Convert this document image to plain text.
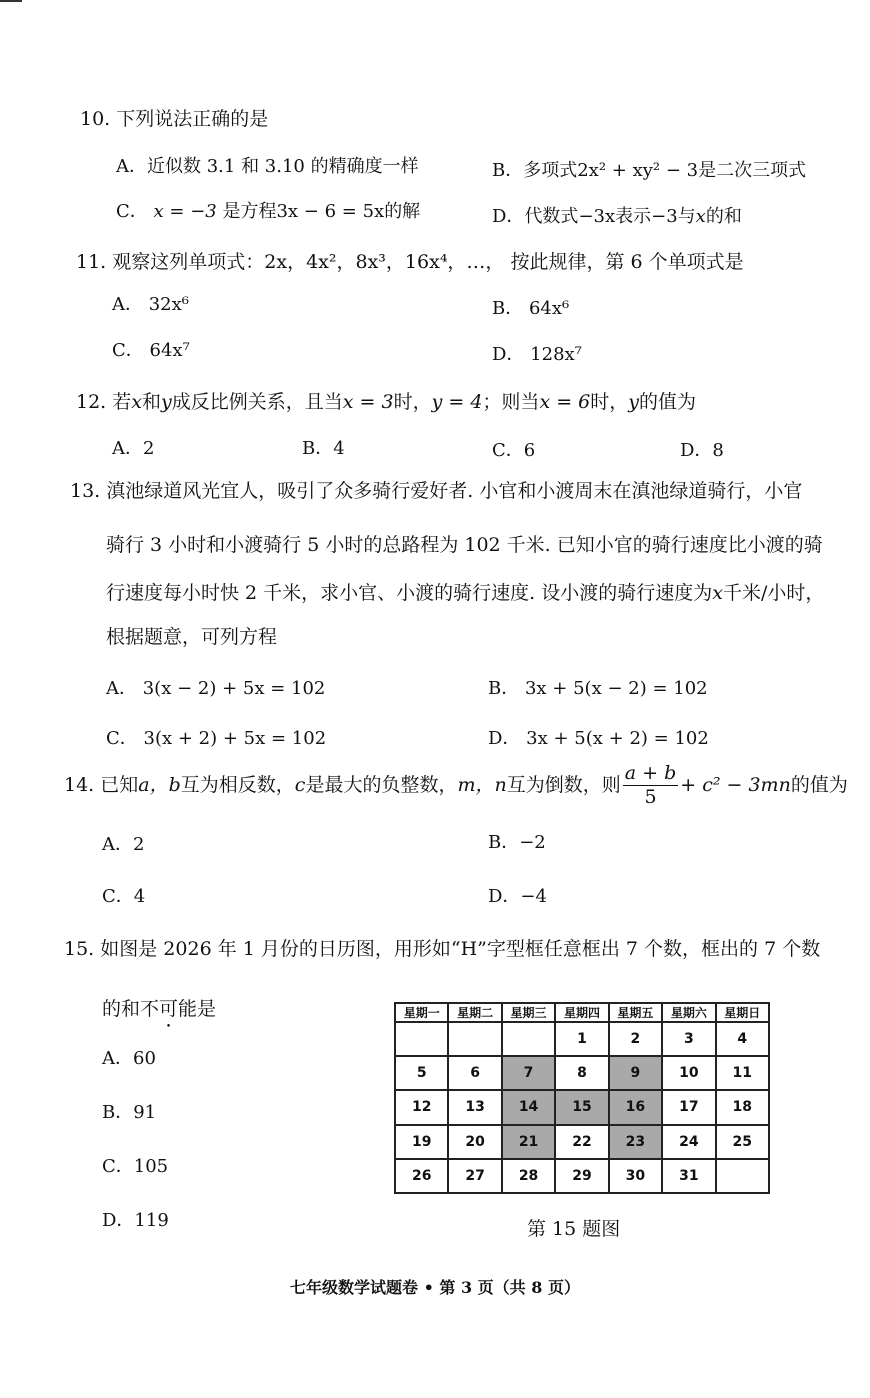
10. 下列说法正确的是
A．近似数 3.1 和 3.10 的精确度一样	B．多项式2x² + xy² − 3是二次三项式
C． x = −3 是方程3x − 6 = 5x的解	D．代数式−3x表示−3与x的和
11. 观察这列单项式：2x，4x²，8x³，16x⁴，…， 按此规律，第 6 个单项式是
A． 32x⁶	B． 64x⁶
C． 64x⁷	D． 128x⁷
12. 若x和y成反比例关系，且当x = 3时，y = 4；则当x = 6时，y的值为
A．2	B．4	C．6	D．8
13. 滇池绿道风光宜人，吸引了众多骑行爱好者. 小官和小渡周末在滇池绿道骑行，小官
骑行 3 小时和小渡骑行 5 小时的总路程为 102 千米. 已知小官的骑行速度比小渡的骑
行速度每小时快 2 千米，求小官、小渡的骑行速度. 设小渡的骑行速度为x千米/小时，
根据题意，可列方程
A． 3(x − 2) + 5x = 102	B． 3x + 5(x − 2) = 102
C． 3(x + 2) + 5x = 102	D． 3x + 5(x + 2) = 102
14.
已知 a，b 互为相反数， c 是最大的负整数， m，n 互为倒数，则 $\frac{a + b}{5} + c^2 - 3mn$ 的值为
A．2	B．−2
C．4	D．−4
15. 如图是 2026 年 1 月份的日历图，用形如“H”字型框任意框出 7 个数，框出的 7 个数
的和不可能是
A．60
B．91
C．105
D．119
星期一	星期二	星期三	星期四	星期五	星期六	星期日
			1	2	3	4
5	6	7	8	9	10	11
12	13	14	15	16	17	18
19	20	21	22	23	24	25
26	27	28	29	30	31	
第 15 题图
七年级数学试题卷 • 第 3 页（共 8 页）
